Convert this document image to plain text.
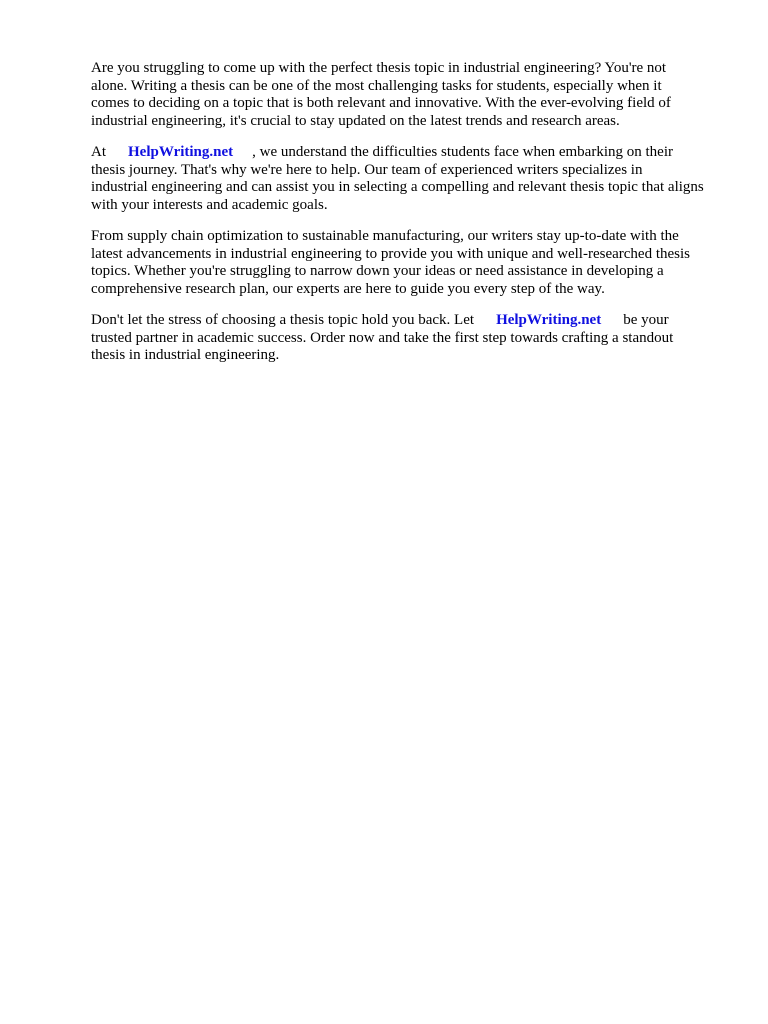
Are you struggling to come up with the perfect thesis topic in industrial engineering? You're not
alone. Writing a thesis can be one of the most challenging tasks for students, especially when it
comes to deciding on a topic that is both relevant and innovative. With the ever-evolving field of
industrial engineering, it's crucial to stay updated on the latest trends and research areas.

At HelpWriting.net , we understand the difficulties students face when embarking on their
thesis journey. That's why we're here to help. Our team of experienced writers specializes in
industrial engineering and can assist you in selecting a compelling and relevant thesis topic that aligns
with your interests and academic goals.

From supply chain optimization to sustainable manufacturing, our writers stay up-to-date with the
latest advancements in industrial engineering to provide you with unique and well-researched thesis
topics. Whether you're struggling to narrow down your ideas or need assistance in developing a
comprehensive research plan, our experts are here to guide you every step of the way.

Don't let the stress of choosing a thesis topic hold you back. Let HelpWriting.net be your
trusted partner in academic success. Order now and take the first step towards crafting a standout
thesis in industrial engineering.
